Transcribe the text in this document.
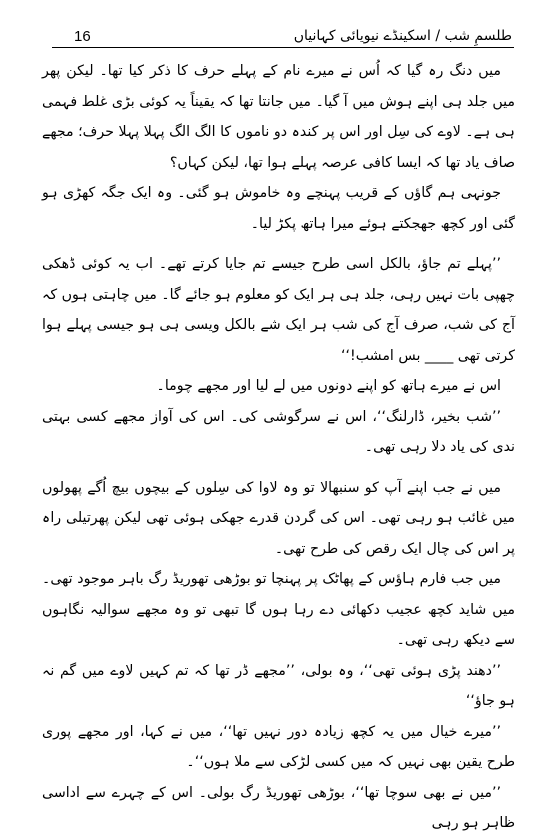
16	طلسمِ شب / اسکینڈے نیویائی کہانیاں

میں دنگ رہ گیا کہ اُس نے میرے نام کے پہلے حرف کا ذکر کیا تھا۔ لیکن پھر میں جلد ہی اپنے ہوش میں آ گیا۔ میں جانتا تھا کہ یقیناً یہ کوئی بڑی غلط فہمی ہی ہے۔ لاوے کی سِل اور اس پر کندہ دو ناموں کا الگ الگ پہلا پہلا حرف؛ مجھے صاف یاد تھا کہ ایسا کافی عرصہ پہلے ہوا تھا، لیکن کہاں؟

جونہی ہم گاؤں کے قریب پہنچے وہ خاموش ہو گئی۔ وہ ایک جگہ کھڑی ہو گئی اور کچھ جھجکتے ہوئے میرا ہاتھ پکڑ لیا۔

’’پہلے تم جاؤ، بالکل اسی طرح جیسے تم جایا کرتے تھے۔ اب یہ کوئی ڈھکی چھپی بات نہیں رہی، جلد ہی ہر ایک کو معلوم ہو جائے گا۔ میں چاہتی ہوں کہ آج کی شب، صرف آج کی شب ہر ایک شے بالکل ویسی ہی ہو جیسی پہلے ہوا کرتی تھی ____ بس امشب!‘‘

اس نے میرے ہاتھ کو اپنے دونوں میں لے لیا اور مجھے چوما۔

’’شب بخیر، ڈارلنگ‘‘، اس نے سرگوشی کی۔ اس کی آواز مجھے کسی بہتی ندی کی یاد دلا رہی تھی۔

میں نے جب اپنے آپ کو سنبھالا تو وہ لاوا کی سِلوں کے بیچوں بیچ اُگے پھولوں میں غائب ہو رہی تھی۔ اس کی گردن قدرے جھکی ہوئی تھی لیکن پھرتیلی راہ پر اس کی چال ایک رقص کی طرح تھی۔

میں جب فارم ہاؤس کے پھاٹک پر پہنچا تو بوڑھی تھوریڈ رگ باہر موجود تھی۔ میں شاید کچھ عجیب دکھائی دے رہا ہوں گا تبھی تو وہ مجھے سوالیہ نگاہوں سے دیکھ رہی تھی۔

’’دھند پڑی ہوئی تھی‘‘، وہ بولی، ’’مجھے ڈر تھا کہ تم کہیں لاوے میں گم نہ ہو جاؤ‘‘

’’میرے خیال میں یہ کچھ زیادہ دور نہیں تھا‘‘، میں نے کہا، اور مجھے پوری طرح یقین بھی نہیں کہ میں کسی لڑکی سے ملا ہوں‘‘۔

’’میں نے بھی سوچا تھا‘‘، بوڑھی تھوریڈ رگ بولی۔ اس کے چہرے سے اداسی ظاہر ہو رہی
